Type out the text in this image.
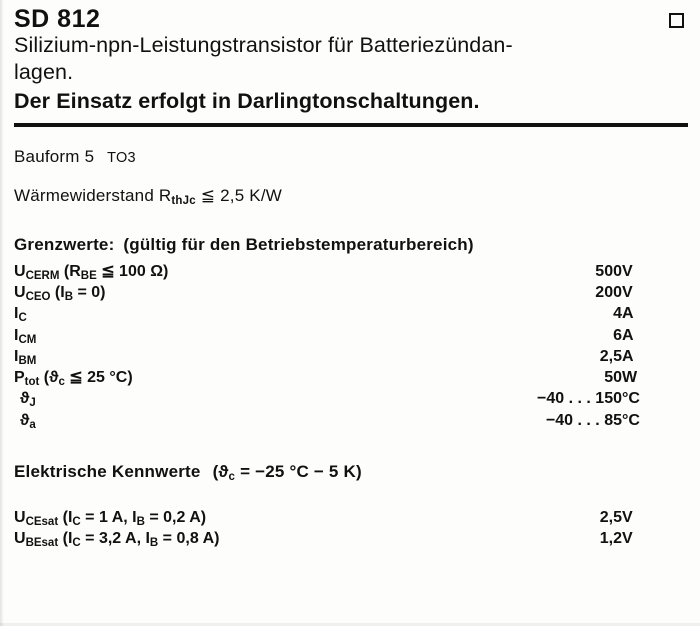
SD 812
Silizium-npn-Leistungstransistor für Batteriezündan-
lagen.
Der Einsatz erfolgt in Darlingtonschaltungen.
Bauform 5 TO3
Wärmewiderstand RthJc ≦ 2,5 K/W
Grenzwerte: (gültig für den Betriebstemperaturbereich)
UCERM (RBE ≦ 100 Ω)	500	V
UCEO (IB = 0)	200	V
IC	4	A
ICM	6	A
IBM	2,5	A
Ptot (ϑc ≦ 25 °C)	50	W
ϑJ	−40 . . . 150	°C
ϑa	−40 . . . 85	°C
Elektrische Kennwerte (ϑc = −25 °C − 5 K)
UCEsat (IC = 1 A, IB = 0,2 A)	2,5	V
UBEsat (IC = 3,2 A, IB = 0,8 A)	1,2	V
